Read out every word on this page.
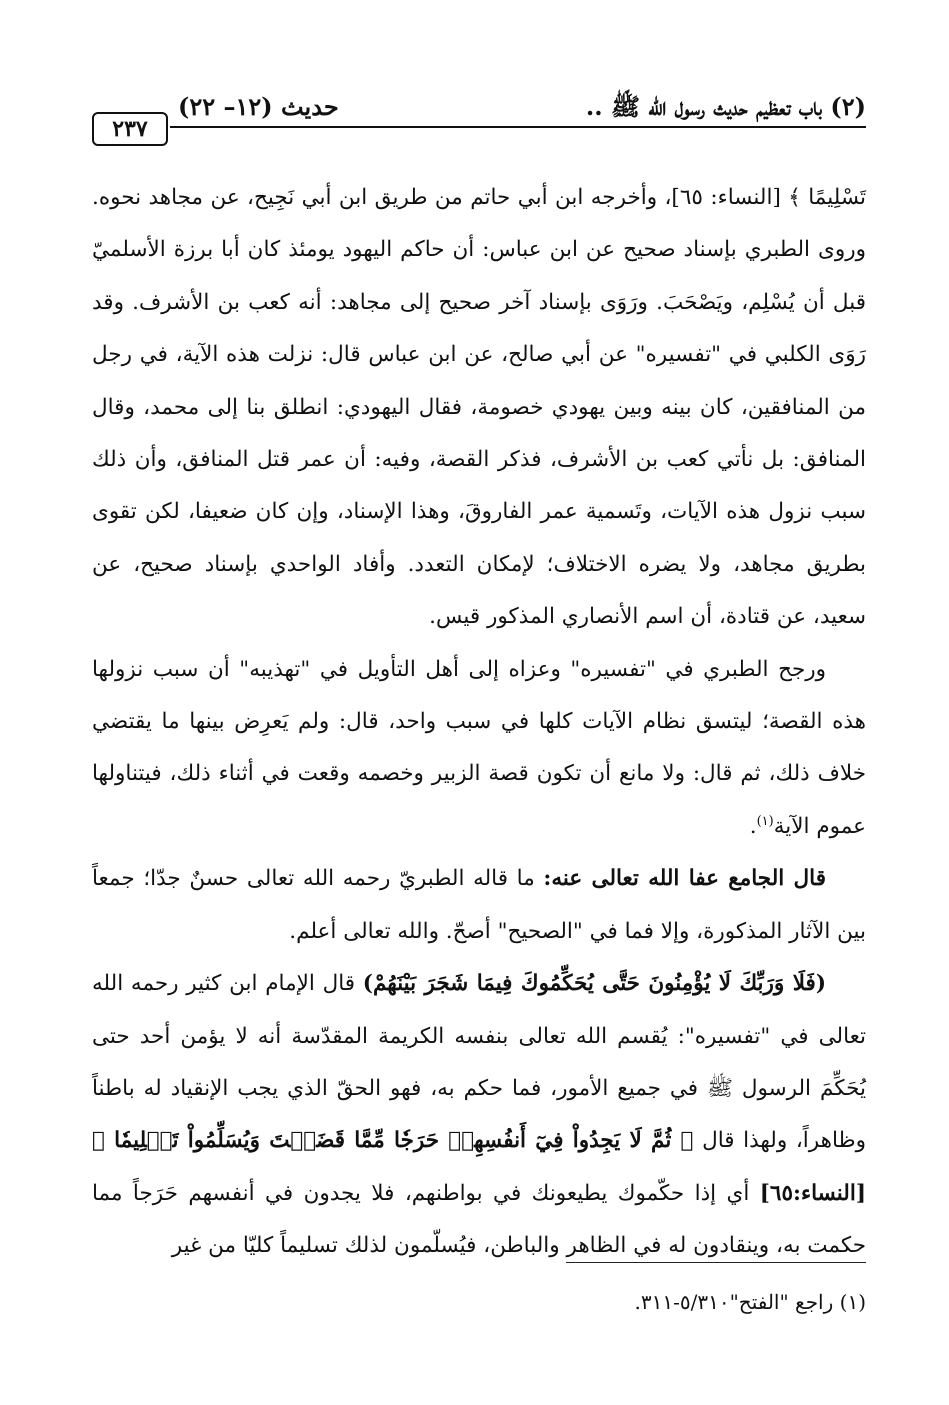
٢٣٧
حديث (١٢– ٢٢)	(٢) باب تعظيم حديث رسول الله ﷺ ..

تَسْلِيمًا ﴾ [النساء: ٦٥]، وأخرجه ابن أبي حاتم من طريق ابن أبي نَجِيح، عن مجاهد نحوه. وروى الطبري بإسناد صحيح عن ابن عباس: أن حاكم اليهود يومئذ كان أبا برزة الأسلميّ قبل أن يُسْلِم، ويَصْحَبَ. ورَوَى بإسناد آخر صحيح إلى مجاهد: أنه كعب بن الأشرف. وقد رَوَى الكلبي في "تفسيره" عن أبي صالح، عن ابن عباس قال: نزلت هذه الآية، في رجل من المنافقين، كان بينه وبين يهودي خصومة، فقال اليهودي: انطلق بنا إلى محمد، وقال المنافق: بل نأتي كعب بن الأشرف، فذكر القصة، وفيه: أن عمر قتل المنافق، وأن ذلك سبب نزول هذه الآيات، وتَسمية عمر الفاروقَ، وهذا الإسناد، وإن كان ضعيفا، لكن تقوى بطريق مجاهد، ولا يضره الاختلاف؛ لإمكان التعدد. وأفاد الواحدي بإسناد صحيح، عن سعيد، عن قتادة، أن اسم الأنصاري المذكور قيس.

ورجح الطبري في "تفسيره" وعزاه إلى أهل التأويل في "تهذيبه" أن سبب نزولها هذه القصة؛ ليتسق نظام الآيات كلها في سبب واحد، قال: ولم يَعرِض بينها ما يقتضي خلاف ذلك، ثم قال: ولا مانع أن تكون قصة الزبير وخصمه وقعت في أثناء ذلك، فيتناولها عموم الآية$^{(١)}$.

قال الجامع عفا الله تعالى عنه: ما قاله الطبريّ رحمه الله تعالى حسنٌ جدّا؛ جمعاً بين الآثار المذكورة، وإلا فما في "الصحيح" أصحّ. والله تعالى أعلم.

(فَلَا وَرَبِّكَ لَا يُؤْمِنُونَ حَتَّى يُحَكِّمُوكَ فِيمَا شَجَرَ بَيْنَهُمْ) قال الإمام ابن كثير رحمه الله تعالى في "تفسيره": يُقسم الله تعالى بنفسه الكريمة المقدّسة أنه لا يؤمن أحد حتى يُحَكِّمَ الرسول ﷺ في جميع الأمور، فما حكم به، فهو الحقّ الذي يجب الإنقياد له باطناً وظاهراً، ولهذا قال ﴿ ثُمَّ لَا يَجِدُواْ فِيٓ أَنفُسِهِمۡ حَرَجٗا مِّمَّا قَضَيۡتَ وَيُسَلِّمُواْ تَسۡلِيمٗا ﴾ [النساء:٦٥] أي إذا حكّموك يطيعونك في بواطنهم، فلا يجدون في أنفسهم حَرَجاً مما حكمت به، وينقادون له في الظاهر والباطن، فيُسلّمون لذلك تسليماً كليّا من غير

(١) راجع "الفتح"٥/٣١٠-٣١١.
